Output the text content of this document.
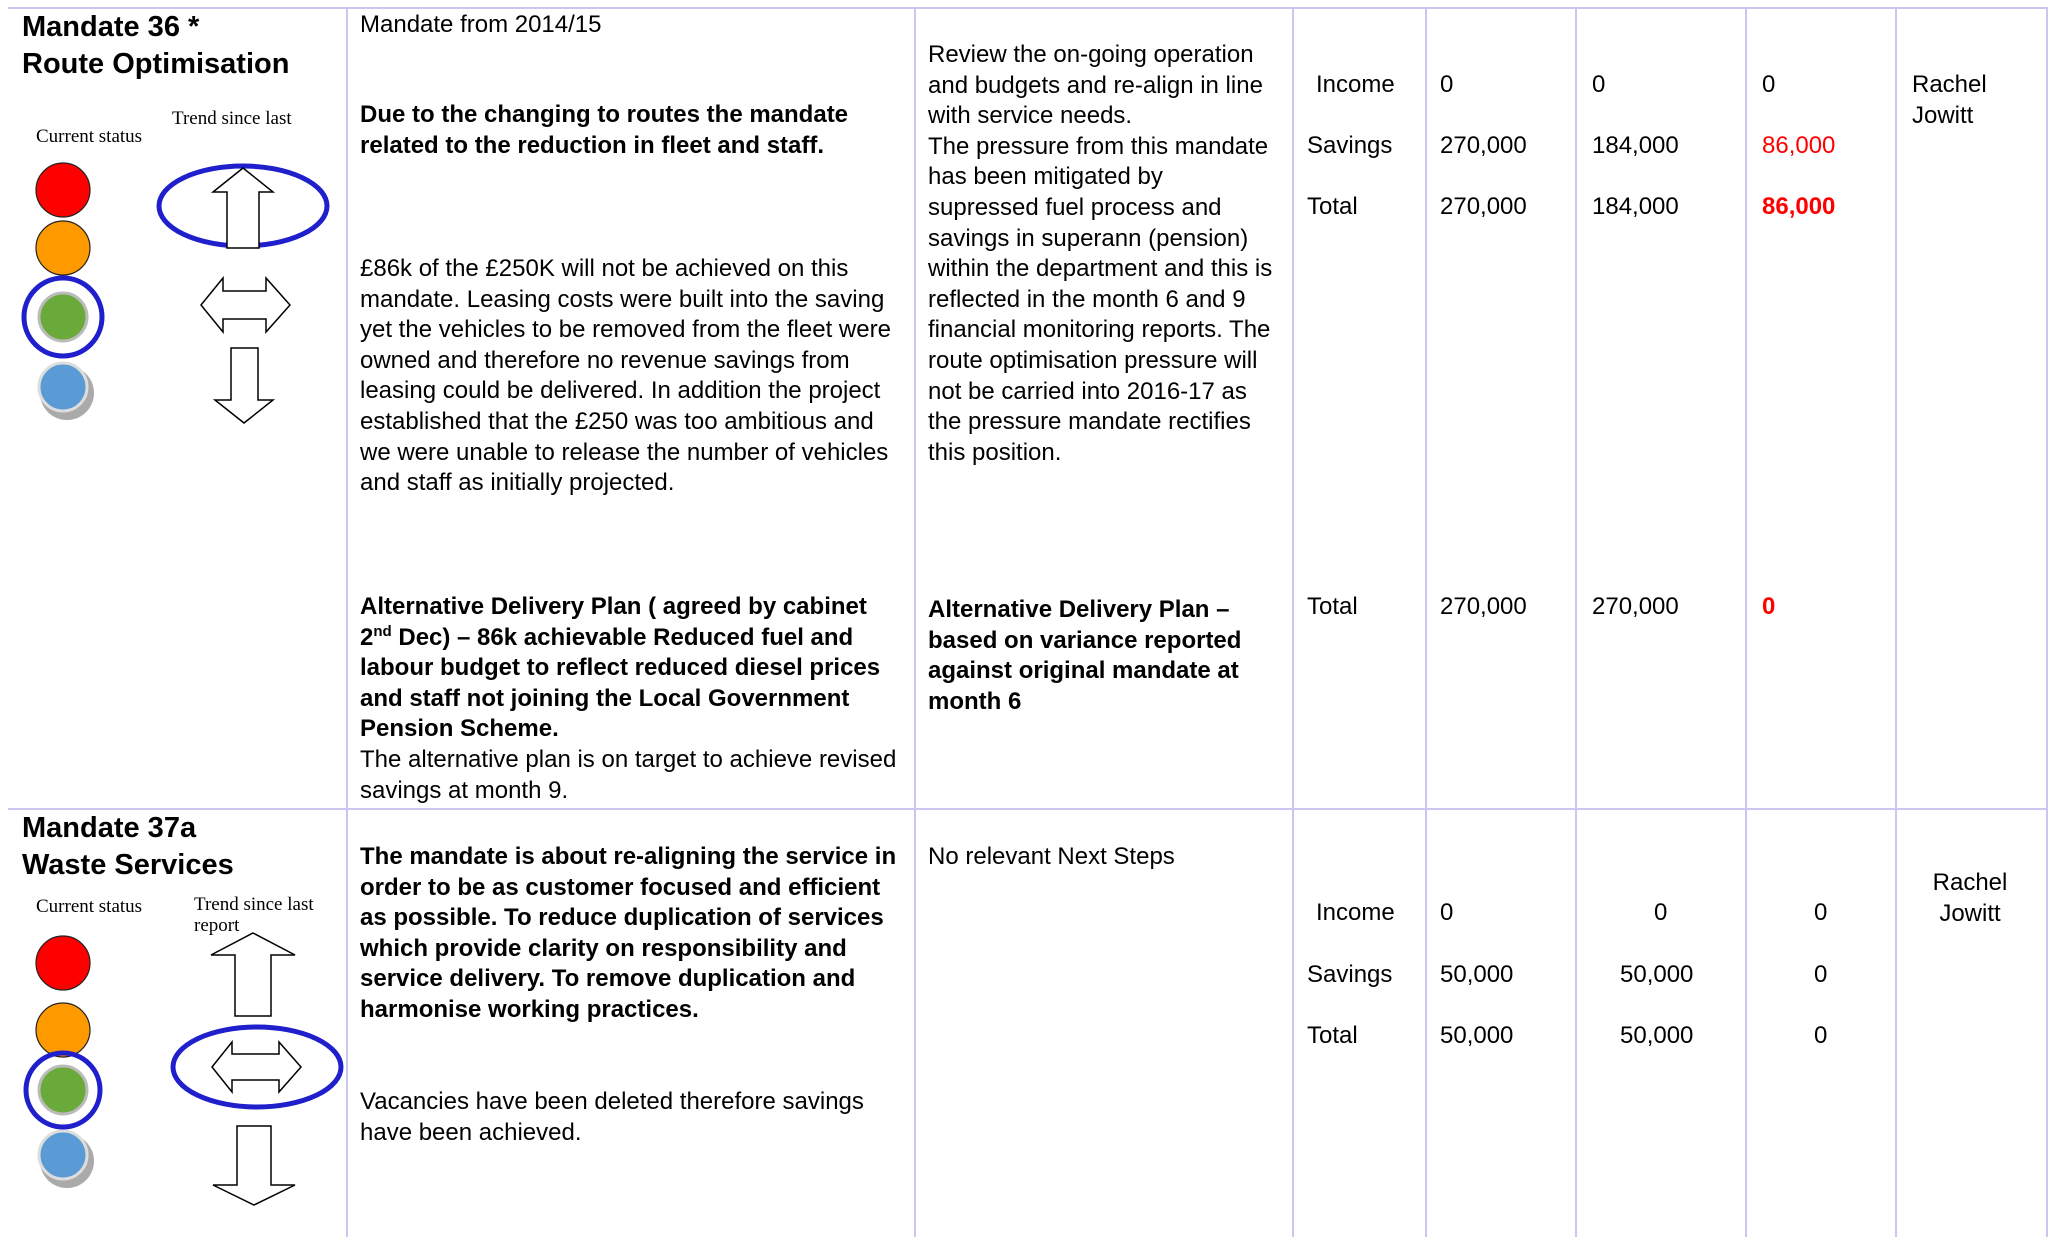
Mandate 36 *
Route Optimisation
Current status
Trend since last
Mandate from 2014/15
Due to the changing to routes the mandate related to the reduction in fleet and staff.
£86k of the £250K will not be achieved on this mandate. Leasing costs were built into the saving yet the vehicles to be removed from the fleet were owned and therefore no revenue savings from leasing could be delivered. In addition the project established that the £250 was too ambitious and we were unable to release the number of vehicles and staff as initially projected.
Alternative Delivery Plan ( agreed by cabinet 2nd Dec) – 86k achievable Reduced fuel and labour budget to reflect reduced diesel prices and staff not joining the Local Government Pension Scheme.
The alternative plan is on target to achieve revised savings at month 9.
Review the on-going operation and budgets and re-align in line with service needs.
The pressure from this mandate has been mitigated by supressed fuel process and savings in superann (pension) within the department and this is reflected in the month 6 and 9 financial monitoring reports. The route optimisation pressure will not be carried into 2016-17 as the pressure mandate rectifies this position.
Alternative Delivery Plan – based on variance reported against original mandate at month 6
Income 0	0	0
Savings 270,000	184,000	86,000
Total	270,000	184,000	86,000
Total	270,000	270,000	0
Rachel
Jowitt
Mandate 37a
Waste Services
Current status	Trend since last
report
The mandate is about re-aligning the service in order to be as customer focused and efficient as possible. To reduce duplication of services which provide clarity on responsibility and service delivery. To remove duplication and harmonise working practices.
Vacancies have been deleted therefore savings have been achieved.
No relevant Next Steps
Income 0	0	0
Savings 50,000	50,000	0
Total	50,000	50,000	0
Rachel
Jowitt
